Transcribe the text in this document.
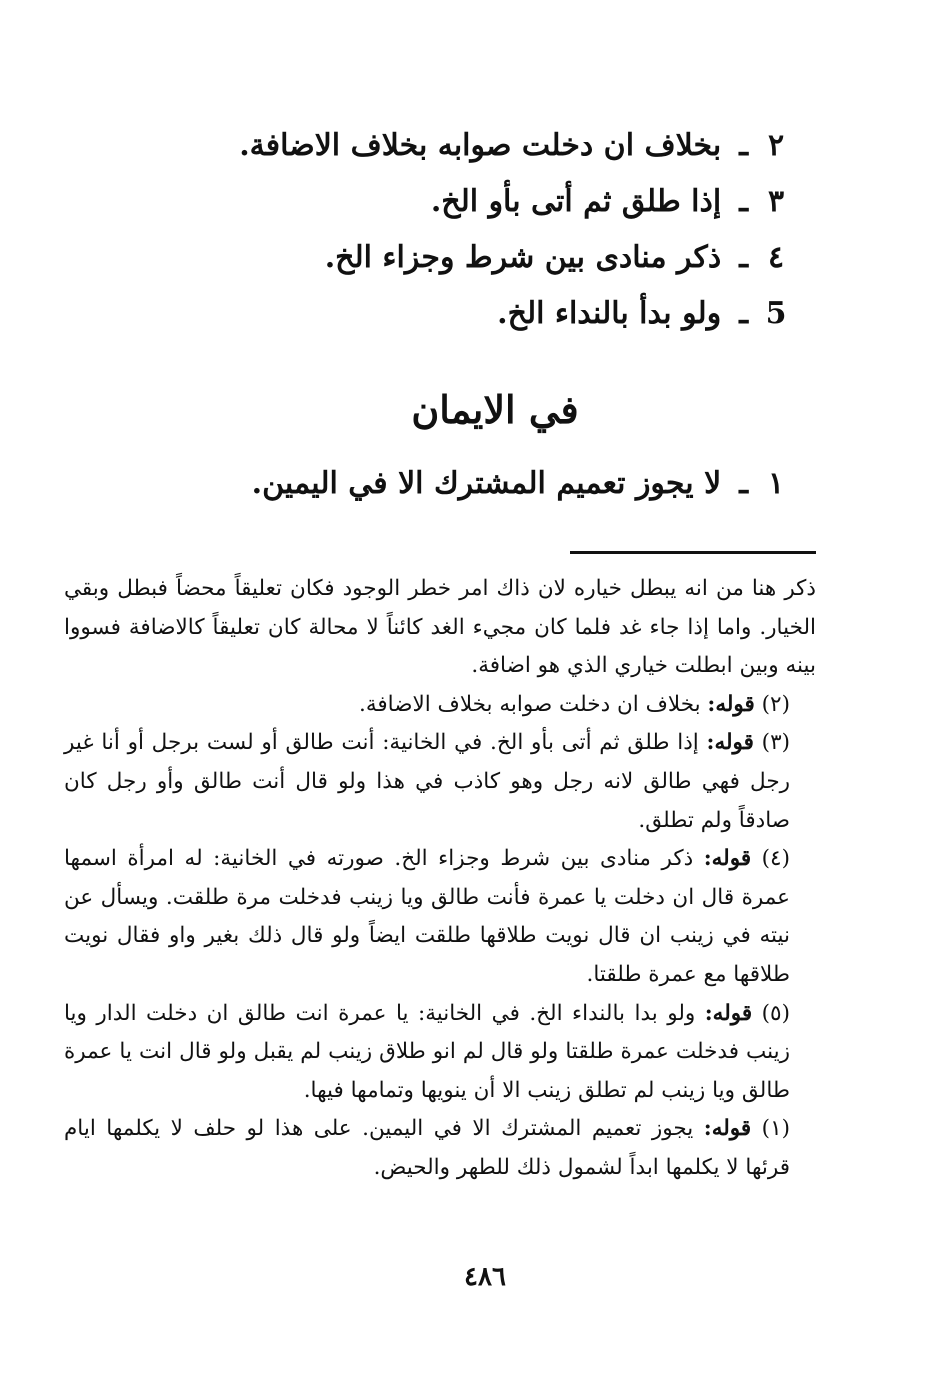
٢ـبخلاف ان دخلت صوابه بخلاف الاضافة.
٣ـإذا طلق ثم أتى بأو الخ.
٤ـذكر منادى بين شرط وجزاء الخ.
5ـولو بدأ بالنداء الخ.
في الايمان
١ـلا يجوز تعميم المشترك الا في اليمين.

ذكر هنا من انه يبطل خياره لان ذاك امر خطر الوجود فكان تعليقاً محضاً فبطل وبقي الخيار. واما إذا جاء غد فلما كان مجيء الغد كائناً لا محالة كان تعليقاً كالاضافة فسووا بينه وبين ابطلت خياري الذي هو اضافة.

(٢) قوله: بخلاف ان دخلت صوابه بخلاف الاضافة.

(٣) قوله: إذا طلق ثم أتى بأو الخ. في الخانية: أنت طالق أو لست برجل أو أنا غير رجل فهي طالق لانه رجل وهو كاذب في هذا ولو قال أنت طالق وأو رجل كان صادقاً ولم تطلق.

(٤) قوله: ذكر منادى بين شرط وجزاء الخ. صورته في الخانية: له امرأة اسمها عمرة قال ان دخلت يا عمرة فأنت طالق ويا زينب فدخلت مرة طلقت. ويسأل عن نيته في زينب ان قال نويت طلاقها طلقت ايضاً ولو قال ذلك بغير واو فقال نويت طلاقها مع عمرة طلقتا.

(٥) قوله: ولو بدا بالنداء الخ. في الخانية: يا عمرة انت طالق ان دخلت الدار ويا زينب فدخلت عمرة طلقتا ولو قال لم انو طلاق زينب لم يقبل ولو قال انت يا عمرة طالق ويا زينب لم تطلق زينب الا أن ينويها وتمامها فيها.

(١) قوله: يجوز تعميم المشترك الا في اليمين. على هذا لو حلف لا يكلمها ايام قرئها لا يكلمها ابداً لشمول ذلك للطهر والحيض.

٤٨٦
